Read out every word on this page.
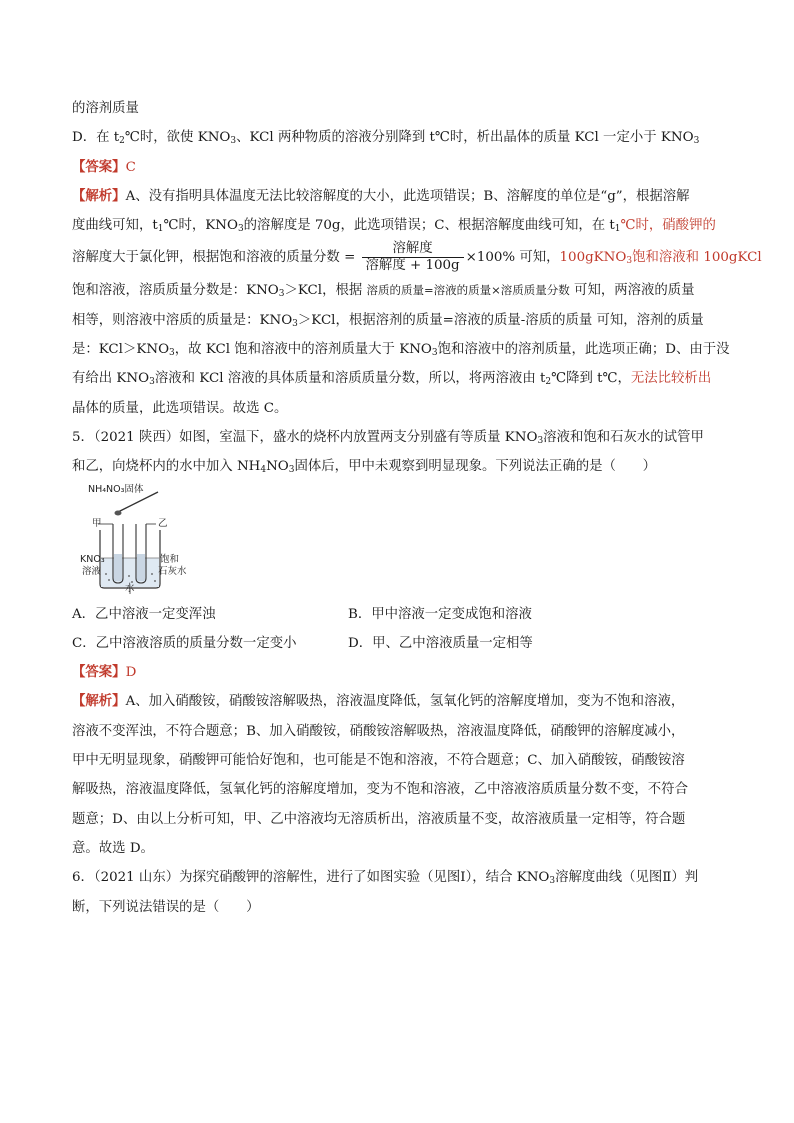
的溶剂质量
D．在 $t_2℃$时，欲使 $KNO_3$、KCl 两种物质的溶液分别降到 t℃时，析出晶体的质量 KCl 一定小于 $KNO_3$
【答案】C
【解析】A、没有指明具体温度无法比较溶解度的大小，此选项错误；B、溶解度的单位是“g”，根据溶解
度曲线可知，$t_1℃$时，$KNO_3$的溶解度是 70g，此选项错误；C、根据溶解度曲线可知，在 $t_1℃$时，硝酸钾的
溶解度大于氯化钾，根据饱和溶液的质量分数 = $\frac{\text{溶解度}}{\text{溶解度 + 100g}} \times 100\%$ 可知，100gKNO$_3$饱和溶液和 100gKCl
饱和溶液，溶质质量分数是：$KNO_3>KCl$，根据 溶质的质量=溶液的质量×溶质质量分数 可知，两溶液的质量
相等，则溶液中溶质的质量是：$KNO_3>KCl$，根据溶剂的质量=溶液的质量-溶质的质量 可知，溶剂的质量
是：$KCl>KNO_3$，故 KCl 饱和溶液中的溶剂质量大于 $KNO_3$饱和溶液中的溶剂质量，此选项正确；D、由于没
有给出 $KNO_3$溶液和 KCl 溶液的具体质量和溶质质量分数，所以，将两溶液由 $t_2℃$降到 t℃，无法比较析出
晶体的质量，此选项错误。故选 C。
5．（2021 陕西）如图，室温下，盛水的烧杯内放置两支分别盛有等质量 $KNO_3$溶液和饱和石灰水的试管甲
和乙，向烧杯内的水中加入 $NH_4NO_3$固体后，甲中未观察到明显现象。下列说法正确的是（　　）
NH₄NO₃固体
甲	乙
KNO₃
溶液
饱和
石灰水
水
A．乙中溶液一定变浑浊	B．甲中溶液一定变成饱和溶液
C．乙中溶液溶质的质量分数一定变小	D．甲、乙中溶液质量一定相等
【答案】D
【解析】A、加入硝酸铵，硝酸铵溶解吸热，溶液温度降低，氢氧化钙的溶解度增加，变为不饱和溶液，
溶液不变浑浊，不符合题意；B、加入硝酸铵，硝酸铵溶解吸热，溶液温度降低，硝酸钾的溶解度减小，
甲中无明显现象，硝酸钾可能恰好饱和，也可能是不饱和溶液，不符合题意；C、加入硝酸铵，硝酸铵溶
解吸热，溶液温度降低，氢氧化钙的溶解度增加，变为不饱和溶液，乙中溶液溶质质量分数不变，不符合
题意；D、由以上分析可知，甲、乙中溶液均无溶质析出，溶液质量不变，故溶液质量一定相等，符合题
意。故选 D。
6．（2021 山东）为探究硝酸钾的溶解性，进行了如图实验（见图Ⅰ），结合 $KNO_3$溶解度曲线（见图Ⅱ）判
断，下列说法错误的是（　　）
